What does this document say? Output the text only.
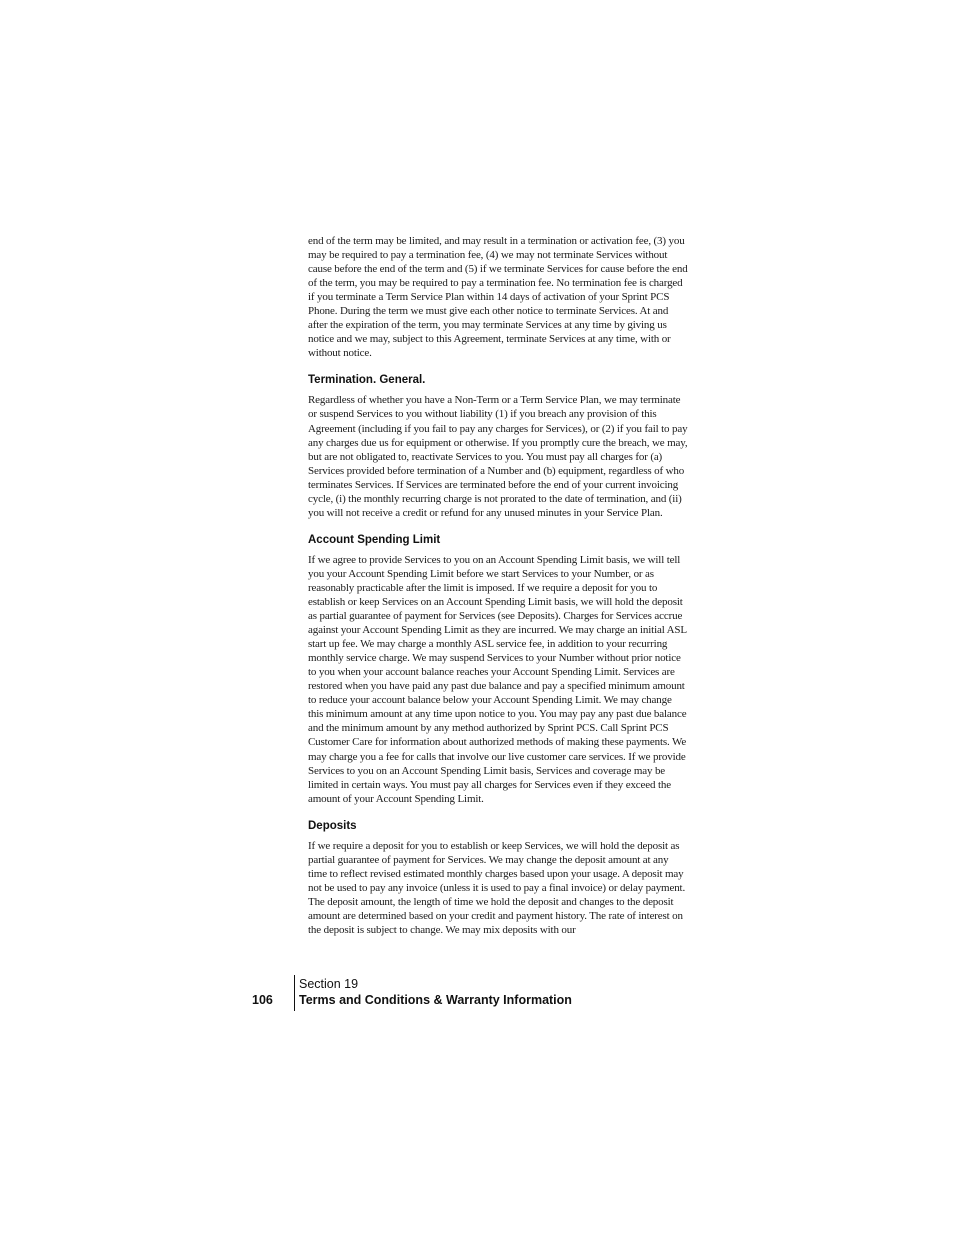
end of the term may be limited, and may result in a termination or activation fee, (3) you may be required to pay a termination fee, (4) we may not terminate Services without cause before the end of the term and (5) if we terminate Services for cause before the end of the term, you may be required to pay a termination fee. No termination fee is charged if you terminate a Term Service Plan within 14 days of activation of your Sprint PCS Phone. During the term we must give each other notice to terminate Services. At and after the expiration of the term, you may terminate Services at any time by giving us notice and we may, subject to this Agreement, terminate Services at any time, with or without notice.

Termination. General.

Regardless of whether you have a Non-Term or a Term Service Plan, we may terminate or suspend Services to you without liability (1) if you breach any provision of this Agreement (including if you fail to pay any charges for Services), or (2) if you fail to pay any charges due us for equipment or otherwise. If you promptly cure the breach, we may, but are not obligated to, reactivate Services to you. You must pay all charges for (a) Services provided before termination of a Number and (b) equipment, regardless of who terminates Services. If Services are terminated before the end of your current invoicing cycle, (i) the monthly recurring charge is not prorated to the date of termination, and (ii) you will not receive a credit or refund for any unused minutes in your Service Plan.

Account Spending Limit

If we agree to provide Services to you on an Account Spending Limit basis, we will tell you your Account Spending Limit before we start Services to your Number, or as reasonably practicable after the limit is imposed. If we require a deposit for you to establish or keep Services on an Account Spending Limit basis, we will hold the deposit as partial guarantee of payment for Services (see Deposits). Charges for Services accrue against your Account Spending Limit as they are incurred. We may charge an initial ASL start up fee. We may charge a monthly ASL service fee, in addition to your recurring monthly service charge. We may suspend Services to your Number without prior notice to you when your account balance reaches your Account Spending Limit. Services are restored when you have paid any past due balance and pay a specified minimum amount to reduce your account balance below your Account Spending Limit. We may change this minimum amount at any time upon notice to you. You may pay any past due balance and the minimum amount by any method authorized by Sprint PCS. Call Sprint PCS Customer Care for information about authorized methods of making these payments. We may charge you a fee for calls that involve our live customer care services. If we provide Services to you on an Account Spending Limit basis, Services and coverage may be limited in certain ways. You must pay all charges for Services even if they exceed the amount of your Account Spending Limit.

Deposits

If we require a deposit for you to establish or keep Services, we will hold the deposit as partial guarantee of payment for Services. We may change the deposit amount at any time to reflect revised estimated monthly charges based upon your usage. A deposit may not be used to pay any invoice (unless it is used to pay a final invoice) or delay payment. The deposit amount, the length of time we hold the deposit and changes to the deposit amount are determined based on your credit and payment history. The rate of interest on the deposit is subject to change. We may mix deposits with our

106
Section 19
Terms and Conditions & Warranty Information
